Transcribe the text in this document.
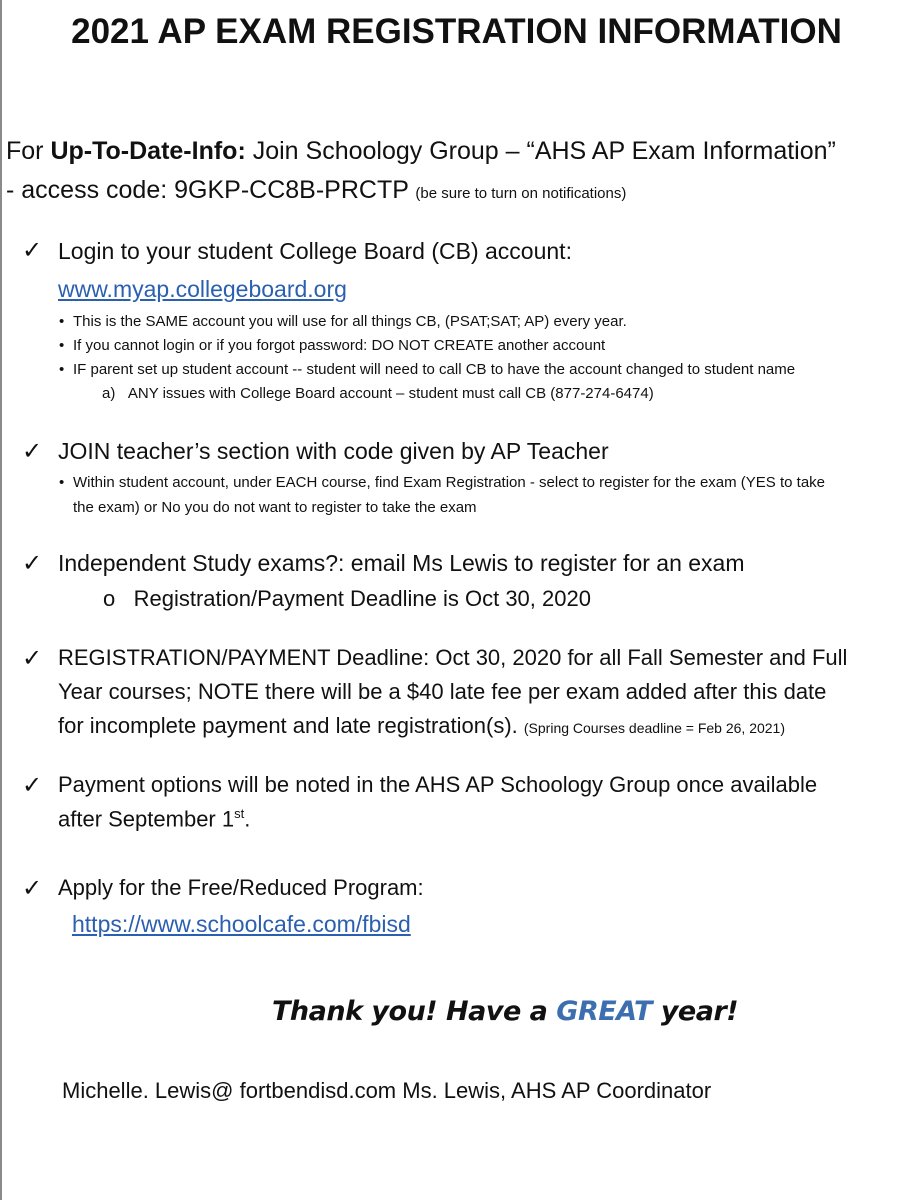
2021 AP EXAM REGISTRATION INFORMATION
For Up-To-Date-Info: Join Schoology Group – “AHS AP Exam Information”
- access code: 9GKP-CC8B-PRCTP (be sure to turn on notifications)
✓ Login to your student College Board (CB) account:
www.myap.collegeboard.org
• This is the SAME account you will use for all things CB, (PSAT;SAT; AP) every year.
• If you cannot login or if you forgot password: DO NOT CREATE another account
• IF parent set up student account -- student will need to call CB to have the account changed to student name
a) ANY issues with College Board account – student must call CB (877-274-6474)
✓ JOIN teacher’s section with code given by AP Teacher
• Within student account, under EACH course, find Exam Registration - select to register for the exam (YES to take
the exam) or No you do not want to register to take the exam
✓ Independent Study exams?: email Ms Lewis to register for an exam
o Registration/Payment Deadline is Oct 30, 2020
✓ REGISTRATION/PAYMENT Deadline: Oct 30, 2020 for all Fall Semester and Full
Year courses; NOTE there will be a $40 late fee per exam added after this date
for incomplete payment and late registration(s). (Spring Courses deadline = Feb 26, 2021)
✓ Payment options will be noted in the AHS AP Schoology Group once available
after September 1st.
✓ Apply for the Free/Reduced Program:
https://www.schoolcafe.com/fbisd
Thank you! Have a GREAT year!
Michelle. Lewis@ fortbendisd.com Ms. Lewis, AHS AP Coordinator
